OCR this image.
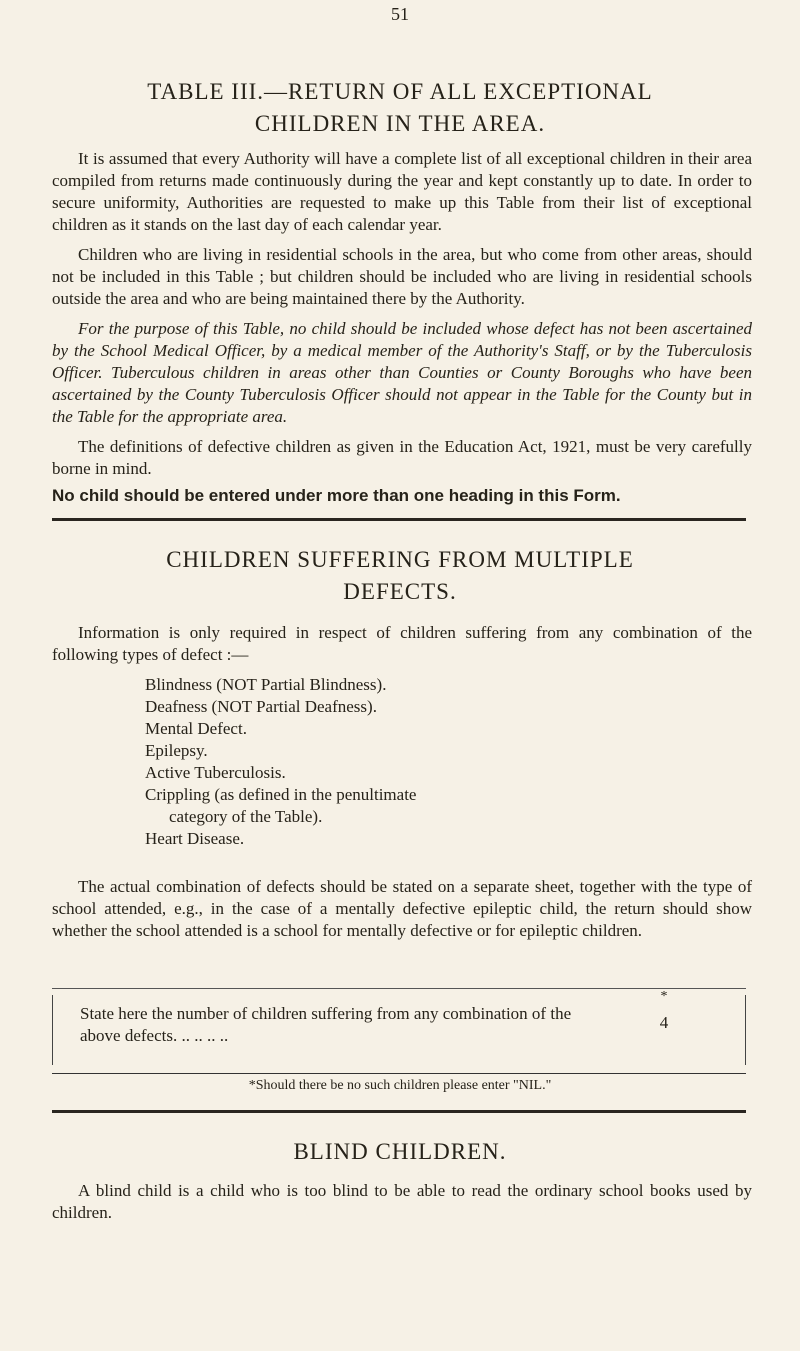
51
TABLE III.—RETURN OF ALL EXCEPTIONAL
CHILDREN IN THE AREA.

It is assumed that every Authority will have a complete list of all exceptional children in their area compiled from returns made continuously during the year and kept constantly up to date. In order to secure uniformity, Authorities are requested to make up this Table from their list of exceptional children as it stands on the last day of each calendar year.

Children who are living in residential schools in the area, but who come from other areas, should not be included in this Table ; but children should be included who are living in residential schools outside the area and who are being maintained there by the Authority.

For the purpose of this Table, no child should be included whose defect has not been ascertained by the School Medical Officer, by a medical member of the Authority's Staff, or by the Tuberculosis Officer. Tuberculous children in areas other than Counties or County Boroughs who have been ascertained by the County Tuberculosis Officer should not appear in the Table for the County but in the Table for the appropriate area.

The definitions of defective children as given in the Education Act, 1921, must be very carefully borne in mind.

No child should be entered under more than one heading in this Form.
CHILDREN SUFFERING FROM MULTIPLE
DEFECTS.

Information is only required in respect of children suffering from any combination of the following types of defect :—

Blindness (NOT Partial Blindness).
Deafness (NOT Partial Deafness).
Mental Defect.
Epilepsy.
Active Tuberculosis.
Crippling (as defined in the penultimate
category of the Table).
Heart Disease.

The actual combination of defects should be stated on a separate sheet, together with the type of school attended, e.g., in the case of a mentally defective epileptic child, the return should show whether the school attended is a school for mentally defective or for epileptic children.

State here the number of children suffering from any combination of the above defects. .. .. .. ..
*
4
*Should there be no such children please enter "NIL."
BLIND CHILDREN.

A blind child is a child who is too blind to be able to read the ordinary school books used by children.
